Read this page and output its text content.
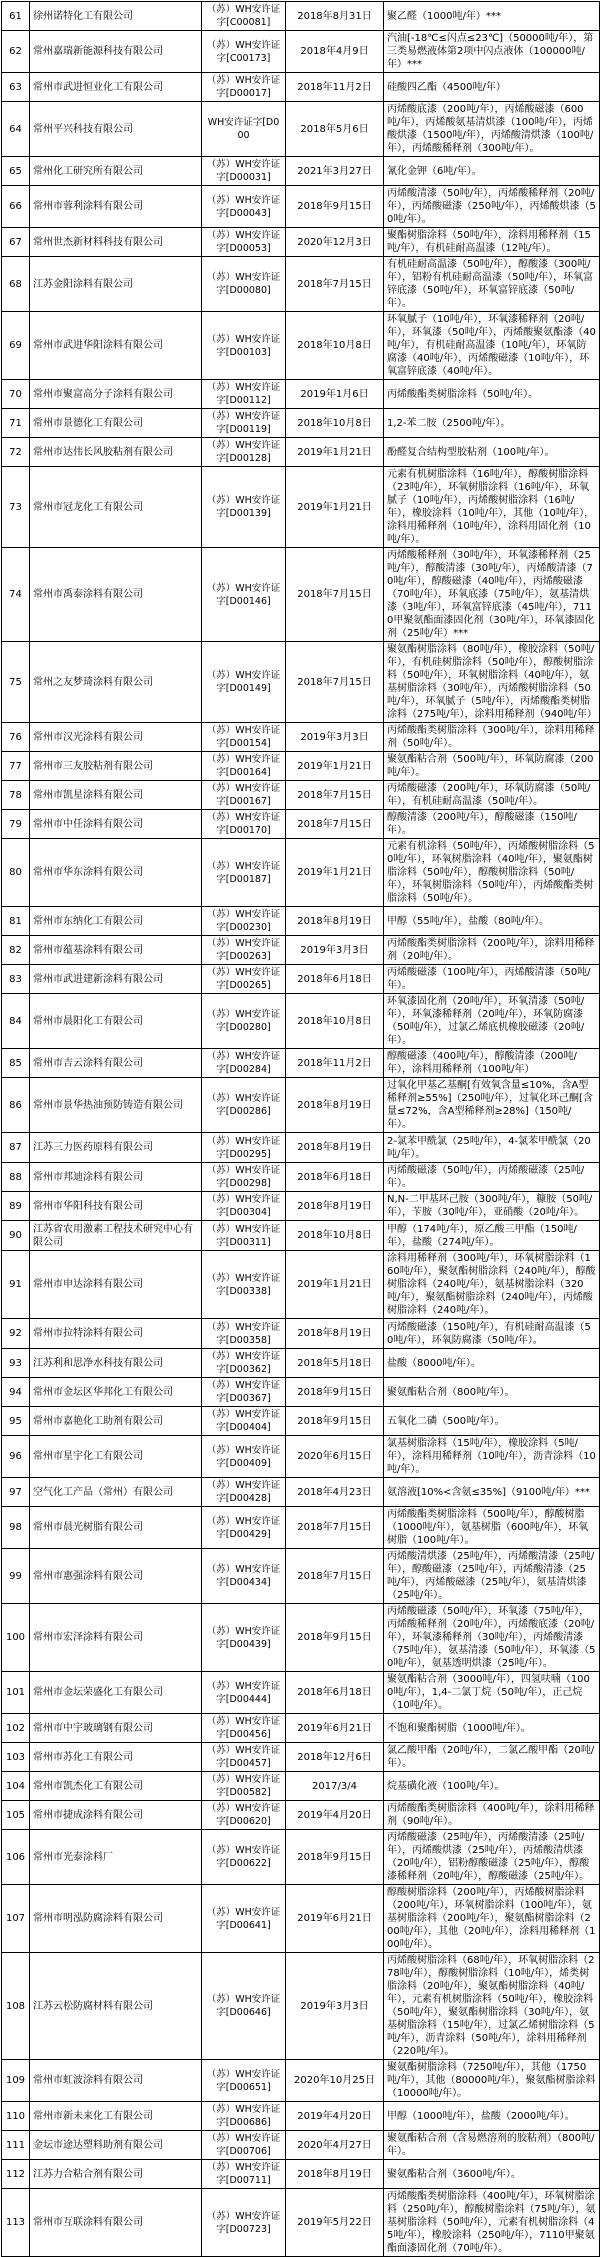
61	徐州诺特化工有限公司	（苏）WH安许证字[C00081]	2018年8月31日	聚乙醛（1000吨/年）***
62	常州嘉瑞新能源科技有限公司	（苏）WH安许证字[C00173]	2018年4月9日	汽油[-18℃≤闪点≤23℃]（50000吨/年），第三类易燃液体第2项中闪点液体（100000吨/年）***
63	常州市武进恒业化工有限公司	（苏）WH安许证字[D00017]	2018年11月2日	硅酸四乙酯（4500吨/年）
64	常州平兴科技有限公司	WH安许证字[D000	2018年5月6日	丙烯酸底漆（200吨/年），丙烯酸磁漆（600吨/年），丙烯酸氨基清烘漆（100吨/年），丙烯酸烘漆（1500吨/年），丙烯酸清烘漆（100吨/年），丙烯酸稀释剂（300吨/年）。
65	常州化工研究所有限公司	（苏）WH安许证字[D00031]	2021年3月27日	氰化金钾（6吨/年）。
66	常州市蓉利涂料有限公司	（苏）WH安许证字[D00043]	2018年9月15日	丙烯酸清漆（50吨/年），丙烯酸稀释剂（20吨/年），丙烯酸磁漆（250吨/年），丙烯酸烘漆（50吨/年）。
67	常州世杰新材料科技有限公司	（苏）WH安许证字[D00053]	2020年12月3日	聚酯树脂涂料（50吨/年），涂料用稀释剂（15吨/年），有机硅耐高温漆（12吨/年）。
68	江苏金阳涂料有限公司	（苏）WH安许证字[D00080]	2018年7月15日	有机硅耐高温漆（50吨/年），醇酸漆（300吨/年），铝粉有机硅耐高温漆（50吨/年），环氧富锌底漆（50吨/年），环氧富锌底漆（50吨/年）。
69	常州市武进华阳涂料有限公司	（苏）WH安许证字[D00103]	2018年10月8日	环氧腻子（10吨/年），环氧漆稀释剂（20吨/年），环氧漆（50吨/年），丙烯酸聚氨酯漆（40吨/年），有机硅耐高温漆（10吨/年），环氧防腐漆（40吨/年），丙烯酸磁漆（10吨/年），环氧富锌底漆（40吨/年）。
70	常州市聚富高分子涂料有限公司	（苏）WH安许证字[D00112]	2019年1月6日	丙烯酸酯类树脂涂料（50吨/年）。
71	常州市景德化工有限公司	（苏）WH安许证字[D00119]	2018年10月8日	1,2-苯二胺（2500吨/年）。
72	常州市达伟长风胶粘剂有限公司	（苏）WH安许证字[D00128]	2019年1月21日	酚醛复合结构型胶粘剂（100吨/年）。
73	常州市冠龙化工有限公司	（苏）WH安许证字[D00139]	2019年1月21日	元素有机树脂涂料（16吨/年），醇酸树脂涂料（23吨/年），环氧树脂涂料（16吨/年），环氧腻子（10吨/年），丙烯酸树脂涂料（16吨/年），橡胶涂料（10吨/年），其他（10吨/年），涂料用稀释剂（10吨/年），涂料用固化剂（10吨/年）。
74	常州市禹泰涂料有限公司	（苏）WH安许证字[D00146]	2018年7月15日	丙烯酸稀释剂（30吨/年），环氧漆稀释剂（25吨/年），醇酸清漆（30吨/年），丙烯酸清漆（70吨/年），醇酸磁漆（40吨/年），丙烯酸磁漆（70吨/年），环氧底漆（75吨/年），氨基清烘漆（3吨/年），环氧富锌底漆（45吨/年），7110甲聚氨酯面漆固化剂（30吨/年），环氧漆固化剂（25吨/年）***
75	常州之友梦琦涂料有限公司	（苏）WH安许证字[D00149]	2018年7月15日	聚氨酯树脂涂料（80吨/年），橡胶涂料（50吨/年），有机硅树脂涂料（50吨/年），醇酸树脂涂料（50吨/年），环氧树脂涂料（40吨/年），氨基树脂涂料（30吨/年），丙烯酸树脂涂料（50吨/年），环氧腻子（5吨/年），丙烯酸酯类树脂涂料（275吨/年），涂料用稀释剂（940吨/年）
76	常州市汉光涂料有限公司	（苏）WH安许证字[D00154]	2019年3月3日	丙烯酸酯类树脂涂料（300吨/年），涂料用稀释剂（50吨/年）。
77	常州市三友胶粘剂有限公司	（苏）WH安许证字[D00164]	2019年1月21日	聚氨酯粘合剂（500吨/年），环氧防腐漆（200吨/年）。
78	常州市凯星涂料有限公司	（苏）WH安许证字[D00167]	2018年7月15日	丙烯酸磁漆（200吨/年），环氧防腐漆（50吨/年），有机硅耐高温漆（50吨/年）。
79	常州市中任涂料有限公司	（苏）WH安许证字[D00170]	2018年7月15日	醇酸清漆（200吨/年），醇酸磁漆（150吨/年）。
80	常州市华东涂料有限公司	（苏）WH安许证字[D00187]	2019年1月21日	元素有机涂料（50吨/年），丙烯酸树脂涂料（50吨/年），环氧树脂涂料（40吨/年），聚氨酯树脂涂料（50吨/年），醇酸树脂涂料（50吨/年），环氧树脂涂料（50吨/年），丙烯酸酯类树脂涂料（50吨/年）。
81	常州市东纳化工有限公司	（苏）WH安许证字[D00230]	2018年8月19日	甲醇（55吨/年），盐酸（80吨/年）。
82	常州市蕴基涂料有限公司	（苏）WH安许证字[D00263]	2019年3月3日	丙烯酸酯类树脂涂料（200吨/年），涂料用稀释剂（20吨/年）。
83	常州市武进建新涂料有限公司	（苏）WH安许证字[D00265]	2018年6月18日	丙烯酸磁漆（100吨/年），丙烯酸清漆（50吨/年）。
84	常州市晨阳化工有限公司	（苏）WH安许证字[D00280]	2018年10月8日	环氧漆固化剂（20吨/年），环氧清漆（50吨/年），环氧漆稀释剂（20吨/年），环氧防腐漆（50吨/年），过氯乙烯底机橡胶磁漆（20吨/年）。
85	常州市吉云涂料有限公司	（苏）WH安许证字[D00284]	2018年11月2日	醇酸磁漆（400吨/年），醇酸清漆（200吨/年），涂料用稀释剂（100吨/年）
86	常州市景华热油预防铸造有限公司	（苏）WH安许证字[D00286]	2018年8月19日	过氧化甲基乙基酮[有效氧含量≤10%，含A型稀释剂≥55%]（250吨/年），过氧化环己酮[含量≤72%，含A型稀释剂≥28%]（150吨/年）。
87	江苏三力医药原料有限公司	（苏）WH安许证字[D00295]	2018年8月19日	2-氯苯甲酰氯（25吨/年），4-氯苯甲酰氯（20吨/年）。
88	常州市邦迪涂料有限公司	（苏）WH安许证字[D00298]	2018年6月18日	丙烯酸磁漆（50吨/年），丙烯酸磁漆（25吨/年）。
89	常州市华阳科技有限公司	（苏）WH安许证字[D00304]	2018年8月19日	N,N-二甲基环己胺（300吨/年），糠胺（50吨/年），苄胺（30吨/年），亚硝酸（20吨/年）。
90	江苏省农用激素工程技术研究中心有限公司	（苏）WH安许证字[D00311]	2018年10月8日	甲醇（174吨/年），原乙酸三甲酯（150吨/年），盐酸（274吨/年）。
91	常州市申达涂料有限公司	（苏）WH安许证字[D00338]	2019年1月21日	涂料用稀释剂（300吨/年），环氧树脂涂料（160吨/年），聚氨酯树脂涂料（240吨/年），醇酸树脂涂料（240吨/年），氨基树脂涂料（320吨/年），聚氨酯树脂涂料（240吨/年），丙烯酸树脂涂料（240吨/年）。
92	常州市拉特涂料有限公司	（苏）WH安许证字[D00358]	2018年8月19日	丙烯酸磁漆（150吨/年），有机硅耐高温漆（50吨/年），环氧防腐漆（50吨/年）。
93	江苏利和思净水科技有限公司	（苏）WH安许证字[D00362]	2018年5月18日	盐酸（8000吨/年）。
94	常州市金坛区华邦化工有限公司	（苏）WH安许证字[D00367]	2018年9月15日	聚氨酯粘合剂（800吨/年）。
95	常州市嘉艳化工助剂有限公司	（苏）WH安许证字[D00404]	2018年9月15日	五氧化二磷（500吨/年）。
96	常州市星宇化工有限公司	（苏）WH安许证字[D00409]	2020年6月15日	氯基树脂涂料（15吨/年），橡胶涂料（5吨/年），涂料用稀释剂（10吨/年），沥青涂料（10吨/年）。
97	空气化工产品（常州）有限公司	（苏）WH安许证字[D00428]	2018年4月23日	氨溶液[10%<含氨≤35%]（9100吨/年）***
98	常州市晨光树脂有限公司	（苏）WH安许证字[D00429]	2018年7月15日	丙烯酸酯类树脂涂料（500吨/年），醇酸树脂（1000吨/年），氨基树脂（600吨/年），环氧树脂（100吨/年）。
99	常州市惠强涂料有限公司	（苏）WH安许证字[D00434]	2018年7月15日	丙烯酸清烘漆（25吨/年），丙烯酸清漆（25吨/年），醇酸磁漆（25吨/年），丙烯酸清漆（25吨/年），丙烯酸磁漆（25吨/年），氨基清烘漆（25吨/年）。
100	常州市宏泽涂料有限公司	（苏）WH安许证字[D00439]	2018年9月15日	丙烯酸磁漆（50吨/年），环氧漆（75吨/年），丙烯酸稀释剂（20吨/年），丙烯酸底漆（20吨/年），环氧漆稀释剂（30吨/年），丙烯酸清漆（75吨/年），氨基清漆（50吨/年），环氧漆（50吨/年），氨基透明烘漆（25吨/年）。
101	常州市金坛荣盛化工有限公司	（苏）WH安许证字[D00444]	2018年6月18日	聚氨酯粘合剂（3000吨/年），四氢呋喃（1000吨/年），1,4-二氯丁烷（50吨/年），正己烷（10吨/年）。
102	常州市中宇玻璃钢有限公司	（苏）WH安许证字[D00456]	2019年6月21日	不饱和聚酯树脂（1000吨/年）。
103	常州市苏化工有限公司	（苏）WH安许证字[D00457]	2018年12月6日	氯乙酸甲酯（20吨/年），二氯乙酸甲酯（20吨/年）。
104	常州市凯杰化工有限公司	（苏）WH安许证字[D00582]	2017/3/4	烷基磺化液（100吨/年）。
105	常州市捷成涂料有限公司	（苏）WH安许证字[D00620]	2019年4月20日	丙烯酸酯类树脂涂料（400吨/年），涂料用稀释剂（90吨/年）。
106	常州市光泰涂料厂	（苏）WH安许证字[D00622]	2018年9月15日	丙烯酸磁漆（25吨/年），丙烯酸清漆（25吨/年），丙烯酸烘漆（25吨/年），丙烯酸清烘漆（20吨/年），铝粉醇酸磁漆（25吨/年），醇酸漆稀释剂（20吨/年），醇酸磁漆（25吨/年）。
107	常州市明泓防腐涂料有限公司	（苏）WH安许证字[D00641]	2019年6月21日	醇酸树脂涂料（200吨/年），丙烯酸树脂涂料（200吨/年），环氧树脂涂料（100吨/年），氨基树脂涂料（200吨/年），聚氨酯树脂涂料（200吨/年），其他（20吨/年），涂料用稀释剂（100吨/年）。
108	江苏云松防腐材料有限公司	（苏）WH安许证字[D00646]	2019年3月3日	丙烯酸树脂涂料（68吨/年），环氧树脂涂料（278吨/年），醇酸树脂涂料（10吨/年），烯类树脂涂料（20吨/年），聚氨酯树脂涂料（40吨/年），元素有机树脂涂料（50吨/年），橡胶涂料（50吨/年），聚氨酯树脂涂料（30吨/年），氨基树脂涂料（15吨/年），过氯乙烯树脂涂料（5吨/年），沥青涂料（50吨/年），涂料用稀释剂（220吨/年）。
109	常州市虹波涂料有限公司	（苏）WH安许证字[D00651]	2020年10月25日	聚氨酯树脂涂料（7250吨/年），其他（1750吨/年），其他（80000吨/年），聚氨酯树脂涂料（10000吨/年）。
110	常州市新未来化工有限公司	（苏）WH安许证字[D00686]	2019年4月20日	甲醇（1000吨/年），盐酸（2000吨/年）。
111	金坛市途达塑料助剂有限公司	（苏）WH安许证字[D00706]	2020年4月27日	聚氨酯粘合剂（含易燃溶剂的胶粘剂）（800吨/年）。
112	江苏力合粘合剂有限公司	（苏）WH安许证字[D00711]	2018年8月19日	聚氨酯粘合剂（3600吨/年）。
113	常州市互联涂料有限公司	（苏）WH安许证字[D00723]	2019年5月22日	丙烯酸酯类树脂涂料（400吨/年），环氧树脂涂料（250吨/年），醇酸树脂涂料（75吨/年），氨基树脂涂料（50吨/年），元素有机树脂涂料（45吨/年），橡胶涂料（250吨/年），7110甲聚氨酯面漆固化剂（70吨/年）。
